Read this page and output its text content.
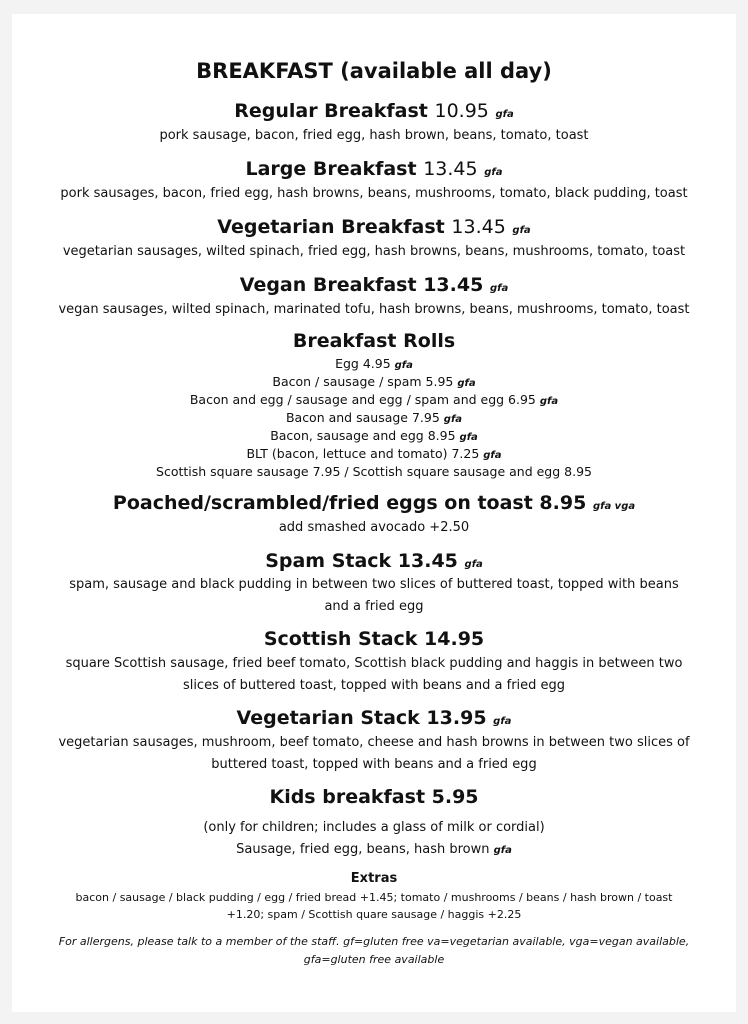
BREAKFAST (available all day)
Regular Breakfast 10.95 gfa
pork sausage, bacon, fried egg, hash brown, beans, tomato, toast
Large Breakfast 13.45 gfa
pork sausages, bacon, fried egg, hash browns, beans, mushrooms, tomato, black pudding, toast
Vegetarian Breakfast 13.45 gfa
vegetarian sausages, wilted spinach, fried egg, hash browns, beans, mushrooms, tomato, toast
Vegan Breakfast 13.45 gfa
vegan sausages, wilted spinach, marinated tofu, hash browns, beans, mushrooms, tomato, toast
Breakfast Rolls
Egg 4.95 gfa
Bacon / sausage / spam 5.95 gfa
Bacon and egg / sausage and egg / spam and egg 6.95 gfa
Bacon and sausage 7.95 gfa
Bacon, sausage and egg 8.95 gfa
BLT (bacon, lettuce and tomato) 7.25 gfa
Scottish square sausage 7.95 / Scottish square sausage and egg 8.95
Poached/scrambled/fried eggs on toast 8.95 gfa vga
add smashed avocado +2.50
Spam Stack 13.45 gfa
spam, sausage and black pudding in between two slices of buttered toast, topped with beans
and a fried egg
Scottish Stack 14.95
square Scottish sausage, fried beef tomato, Scottish black pudding and haggis in between two
slices of buttered toast, topped with beans and a fried egg
Vegetarian Stack 13.95 gfa
vegetarian sausages, mushroom, beef tomato, cheese and hash browns in between two slices of
buttered toast, topped with beans and a fried egg
Kids breakfast 5.95
(only for children; includes a glass of milk or cordial)
Sausage, fried egg, beans, hash brown gfa
Extras
bacon / sausage / black pudding / egg / fried bread +1.45; tomato / mushrooms / beans / hash brown / toast
+1.20; spam / Scottish quare sausage / haggis +2.25
For allergens, please talk to a member of the staff. gf=gluten free va=vegetarian available, vga=vegan available,
gfa=gluten free available
